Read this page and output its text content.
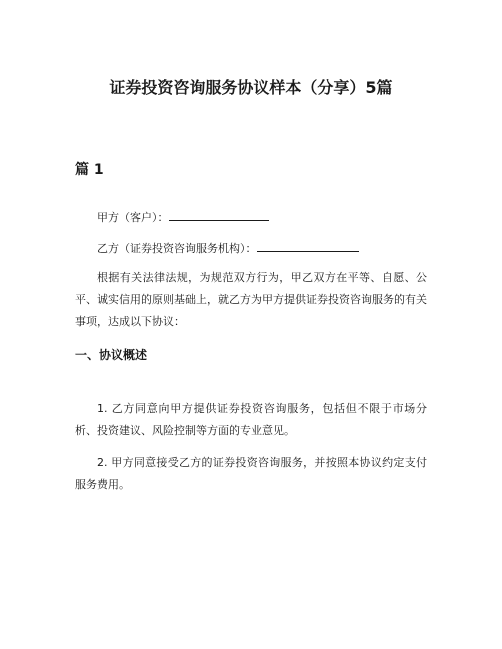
证券投资咨询服务协议样本（分享）5篇
篇 1
甲方（客户）：
乙方（证券投资咨询服务机构）：

根据有关法律法规，为规范双方行为，甲乙双方在平等、自愿、公平、诚实信用的原则基础上，就乙方为甲方提供证券投资咨询服务的有关事项，达成以下协议：

一、协议概述

1. 乙方同意向甲方提供证券投资咨询服务，包括但不限于市场分析、投资建议、风险控制等方面的专业意见。

2. 甲方同意接受乙方的证券投资咨询服务，并按照本协议约定支付服务费用。
